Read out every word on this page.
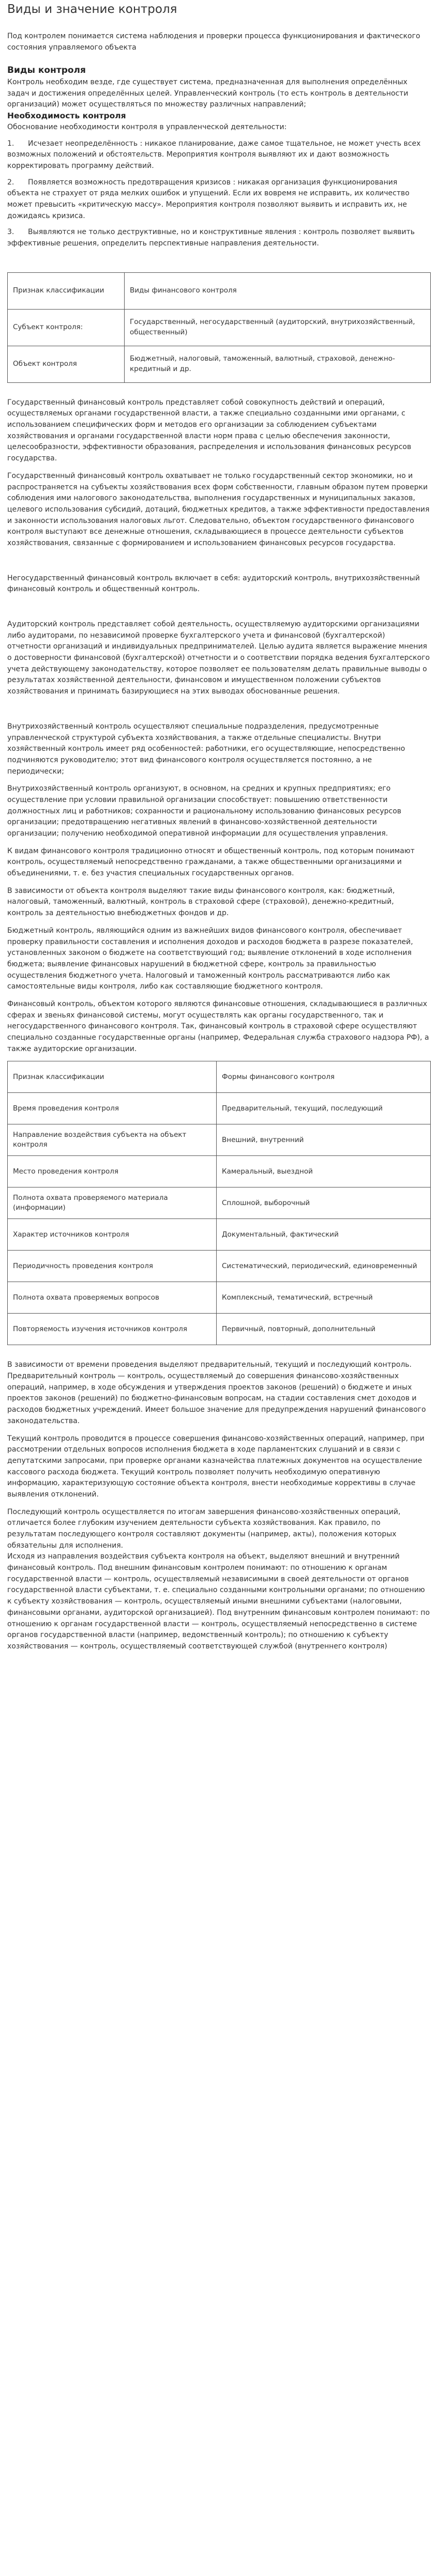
Виды и значение контроля

Под контролем понимается система наблюдения и проверки процесса функционирования и фактического состояния управляемого объекта

Виды контроля
Контроль необходим везде, где существует система, предназначенная для выполнения определённых задач и достижения определённых целей. Управленческий контроль (то есть контроль в деятельности организаций) может осуществляться по множеству различных направлений;
Необходимость контроля
Обоснование необходимости контроля в управленческой деятельности:
1.      Исчезает неопределённость : никакое планирование, даже самое тщательное, не может учесть всех возможных положений и обстоятельств. Мероприятия контроля выявляют их и дают возможность корректировать программу действий.
2.      Появляется возможность предотвращения кризисов : никакая организация функционирования объекта не страхует от ряда мелких ошибок и упущений. Если их вовремя не исправить, их количество может превысить «критическую массу». Мероприятия контроля позволяют выявить и исправить их, не дожидаясь кризиса.
3.      Выявляются не только деструктивные, но и конструктивные явления : контроль позволяет выявить эффективные решения, определить перспективные направления деятельности.
Признак классификации	Виды финансового контроля
Субъект контроля:	Государственный, негосударственный (аудиторский, внутрихозяйственный, общественный)
Объект контроля	Бюджетный, налоговый, таможенный, валютный, страховой, денежно-кредитный и др.
Государственный финансовый контроль представляет собой совокупность действий и операций, осуществляемых органами государственной власти, а также специально созданными ими органами, с использованием специфических форм и методов его организации за соблюдением субъектами хозяйствования и органами государственной власти норм права с целью обеспечения законности, целесообразности, эффективности образования, распределения и использования финансовых ресурсов государства.
Государственный финансовый контроль охватывает не только государственный сектор экономики, но и распространяется на субъекты хозяйствования всех форм собственности, главным образом путем проверки соблюдения ими налогового законодательства, выполнения государственных и муниципальных заказов, целевого использования субсидий, дотаций, бюджетных кредитов, а также эффективности предоставления и законности использования налоговых льгот. Следовательно, объектом государственного финансового контроля выступают все денежные отношения, складывающиеся в процессе деятельности субъектов хозяйствования, связанные с формированием и использованием финансовых ресурсов государства.
Негосударственный финансовый контроль включает в себя: аудиторский контроль, внутрихозяйственный финансовый контроль и общественный контроль.
Аудиторский контроль представляет собой деятельность, осуществляемую аудиторскими организациями либо аудиторами, по независимой проверке бухгалтерского учета и финансовой (бухгалтерской) отчетности организаций и индивидуальных предпринимателей. Целью аудита является выражение мнения о достоверности финансовой (бухгалтерской) отчетности и о соответствии порядка ведения бухгалтерского учета действующему законодательству, которое позволяет ее пользователям делать правильные выводы о результатах хозяйственной деятельности, финансовом и имущественном положении субъектов хозяйствования и принимать базирующиеся на этих выводах обоснованные решения.
Внутрихозяйственный контроль осуществляют специальные подразделения, предусмотренные управленческой структурой субъекта хозяйствования, а также отдельные специалисты. Внутри хозяйственный контроль имеет ряд особенностей: работники, его осуществляющие, непосредственно подчиняются руководителю; этот вид финансового контроля осуществляется постоянно, а не периодически;
Внутрихозяйственный контроль организуют, в основном, на средних и крупных предприятиях; его осуществление при условии правильной организации способствует: повышению ответственности должностных лиц и работников; сохранности и рациональному использованию финансовых ресурсов организации; предотвращению негативных явлений в финансово-хозяйственной деятельности организации; получению необходимой оперативной информации для осуществления управления.
К видам финансового контроля традиционно относят и общественный контроль, под которым понимают контроль, осуществляемый непосредственно гражданами, а также общественными организациями и объединениями, т. е. без участия специальных государственных органов.
В зависимости от объекта контроля выделяют такие виды финансового контроля, как: бюджетный, налоговый, таможенный, валютный, контроль в страховой сфере (страховой), денежно-кредитный, контроль за деятельностью внебюджетных фондов и др.
Бюджетный контроль, являющийся одним из важнейших видов финансового контроля, обеспечивает проверку правильности составления и исполнения доходов и расходов бюджета в разрезе показателей, установленных законом о бюджете на соответствующий год; выявление отклонений в ходе исполнения бюджета; выявление финансовых нарушений в бюджетной сфере, контроль за правильностью осуществления бюджетного учета. Налоговый и таможенный контроль рассматриваются либо как самостоятельные виды контроля, либо как составляющие бюджетного контроля.
Финансовый контроль, объектом которого являются финансовые отношения, складывающиеся в различных сферах и звеньях финансовой системы, могут осуществлять как органы государственного, так и негосударственного финансового контроля. Так, финансовый контроль в страховой сфере осуществляют специально созданные государственные органы (например, Федеральная служба страхового надзора РФ), а также аудиторские организации.
Признак классификации	Формы финансового контроля
Время проведения контроля	Предварительный, текущий, последующий
Направление воздействия субъекта на объект контроля	Внешний, внутренний
Место проведения контроля	Камеральный, выездной
Полнота охвата проверяемого материала (информации)	Сплошной, выборочный
Характер источников контроля	Документальный, фактический
Периодичность проведения контроля	Систематический, периодический, единовременный
Полнота охвата проверяемых вопросов	Комплексный, тематический, встречный
Повторяемость изучения источников контроля	Первичный, повторный, дополнительный
В зависимости от времени проведения выделяют предварительный, текущий и последующий контроль.
Предварительный контроль — контроль, осуществляемый до совершения финансово-хозяйственных операций, например, в ходе обсуждения и утверждения проектов законов (решений) о бюджете и иных проектов законов (решений) по бюджетно-финансовым вопросам, на стадии составления смет доходов и расходов бюджетных учреждений. Имеет большое значение для предупреждения нарушений финансового законодательства.
Текущий контроль проводится в процессе совершения финансово-хозяйственных операций, например, при рассмотрении отдельных вопросов исполнения бюджета в ходе парламентских слушаний и в связи с депутатскими запросами, при проверке органами казначейства платежных документов на осуществление кассового расхода бюджета. Текущий контроль позволяет получить необходимую оперативную информацию, характеризующую состояние объекта контроля, внести необходимые коррективы в случае выявления отклонений.
Последующий контроль осуществляется по итогам завершения финансово-хозяйственных операций, отличается более глубоким изучением деятельности субъекта хозяйствования. Как правило, по результатам последующего контроля составляют документы (например, акты), положения которых обязательны для исполнения.
Исходя из направления воздействия субъекта контроля на объект, выделяют внешний и внутренний финансовый контроль. Под внешним финансовым контролем понимают: по отношению к органам государственной власти — контроль, осуществляемый независимыми в своей деятельности от органов государственной власти субъектами, т. е. специально созданными контрольными органами; по отношению к субъекту хозяйствования — контроль, осуществляемый иными внешними субъектами (налоговыми, финансовыми органами, аудиторской организацией). Под внутренним финансовым контролем понимают: по отношению к органам государственной власти — контроль, осуществляемый непосредственно в системе органов государственной власти (например, ведомственный контроль); по отношению к субъекту хозяйствования — контроль, осуществляемый соответствующей службой (внутреннего контроля)
